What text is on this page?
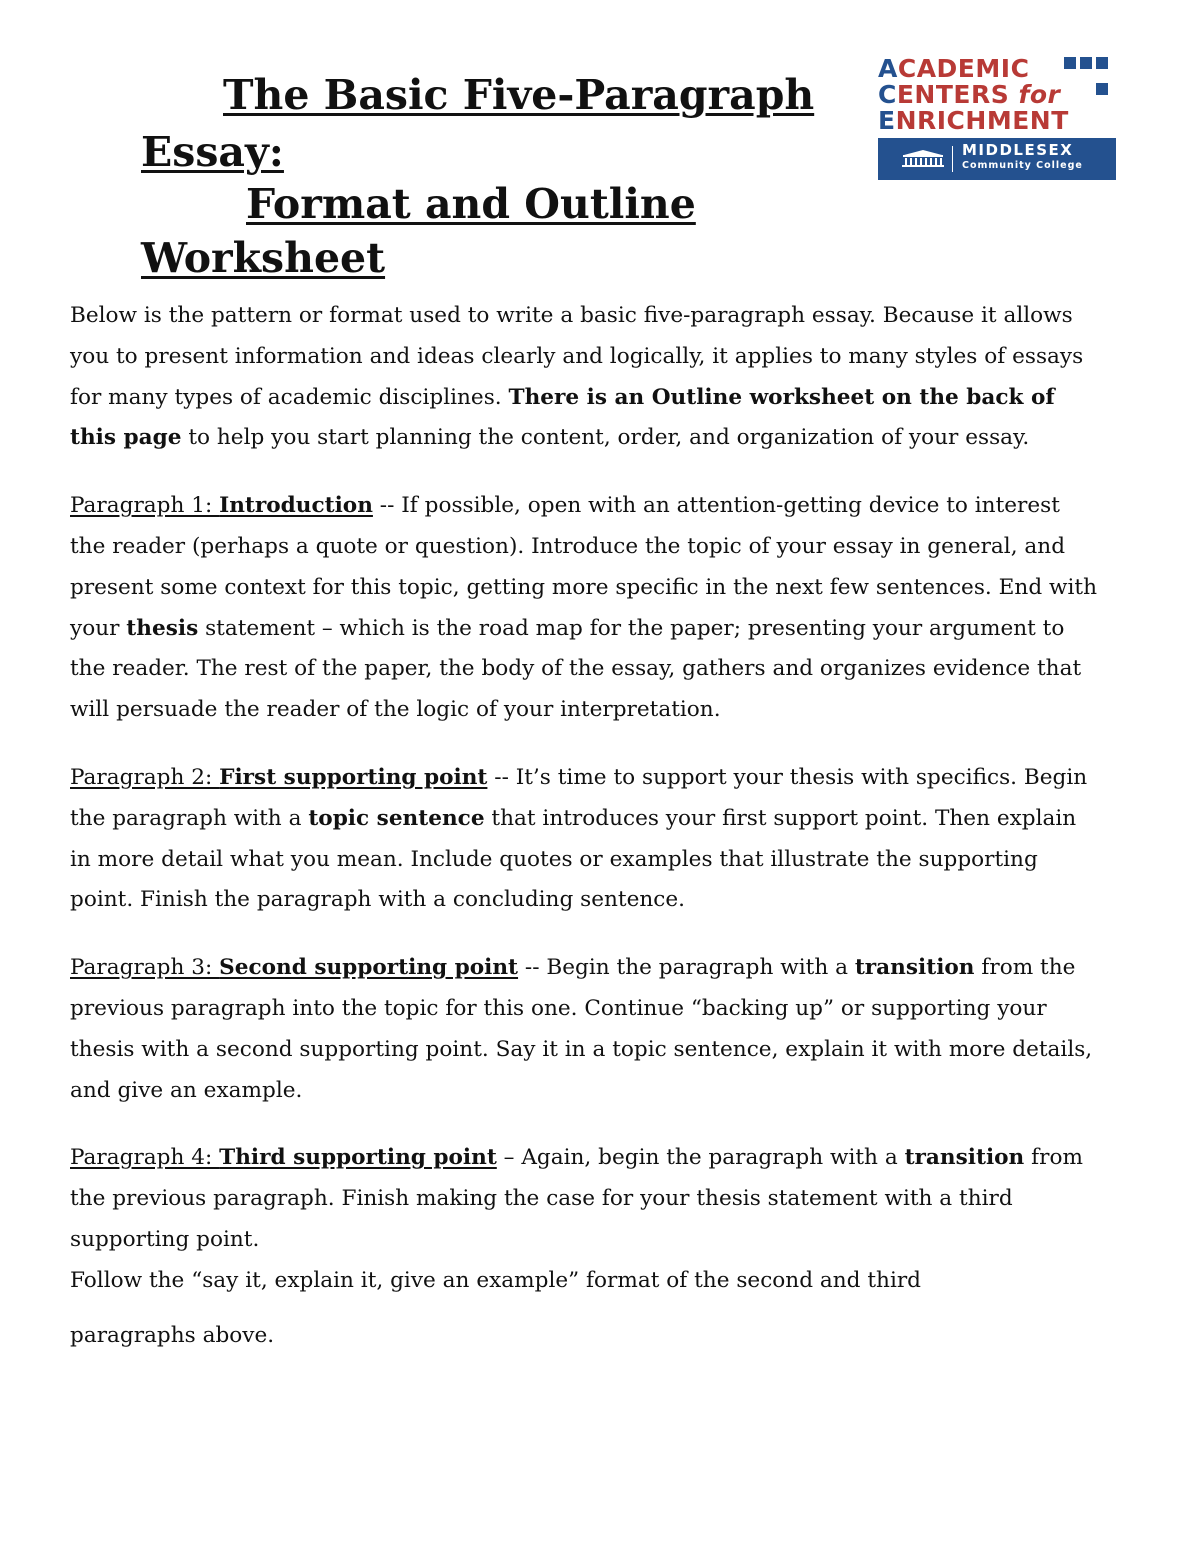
The Basic Five-Paragraph
Essay:
Format and Outline
Worksheet
ACADEMIC
CENTERS for
ENRICHMENT
MIDDLESEX
Community College

Below is the pattern or format used to write a basic five-paragraph essay. Because it allows you to present information and ideas clearly and logically, it applies to many styles of essays for many types of academic disciplines. There is an Outline worksheet on the back of this page to help you start planning the content, order, and organization of your essay.

Paragraph 1: Introduction -- If possible, open with an attention-getting device to interest the reader (perhaps a quote or question). Introduce the topic of your essay in general, and present some context for this topic, getting more specific in the next few sentences. End with your thesis statement – which is the road map for the paper; presenting your argument to the reader. The rest of the paper, the body of the essay, gathers and organizes evidence that will persuade the reader of the logic of your interpretation.

Paragraph 2: First supporting point -- It’s time to support your thesis with specifics. Begin the paragraph with a topic sentence that introduces your first support point. Then explain in more detail what you mean. Include quotes or examples that illustrate the supporting point. Finish the paragraph with a concluding sentence.

Paragraph 3: Second supporting point -- Begin the paragraph with a transition from the previous paragraph into the topic for this one. Continue “backing up” or supporting your thesis with a second supporting point. Say it in a topic sentence, explain it with more details, and give an example.

Paragraph 4: Third supporting point – Again, begin the paragraph with a transition from the previous paragraph. Finish making the case for your thesis statement with a third supporting point.

Follow the “say it, explain it, give an example” format of the second and third

paragraphs above.
